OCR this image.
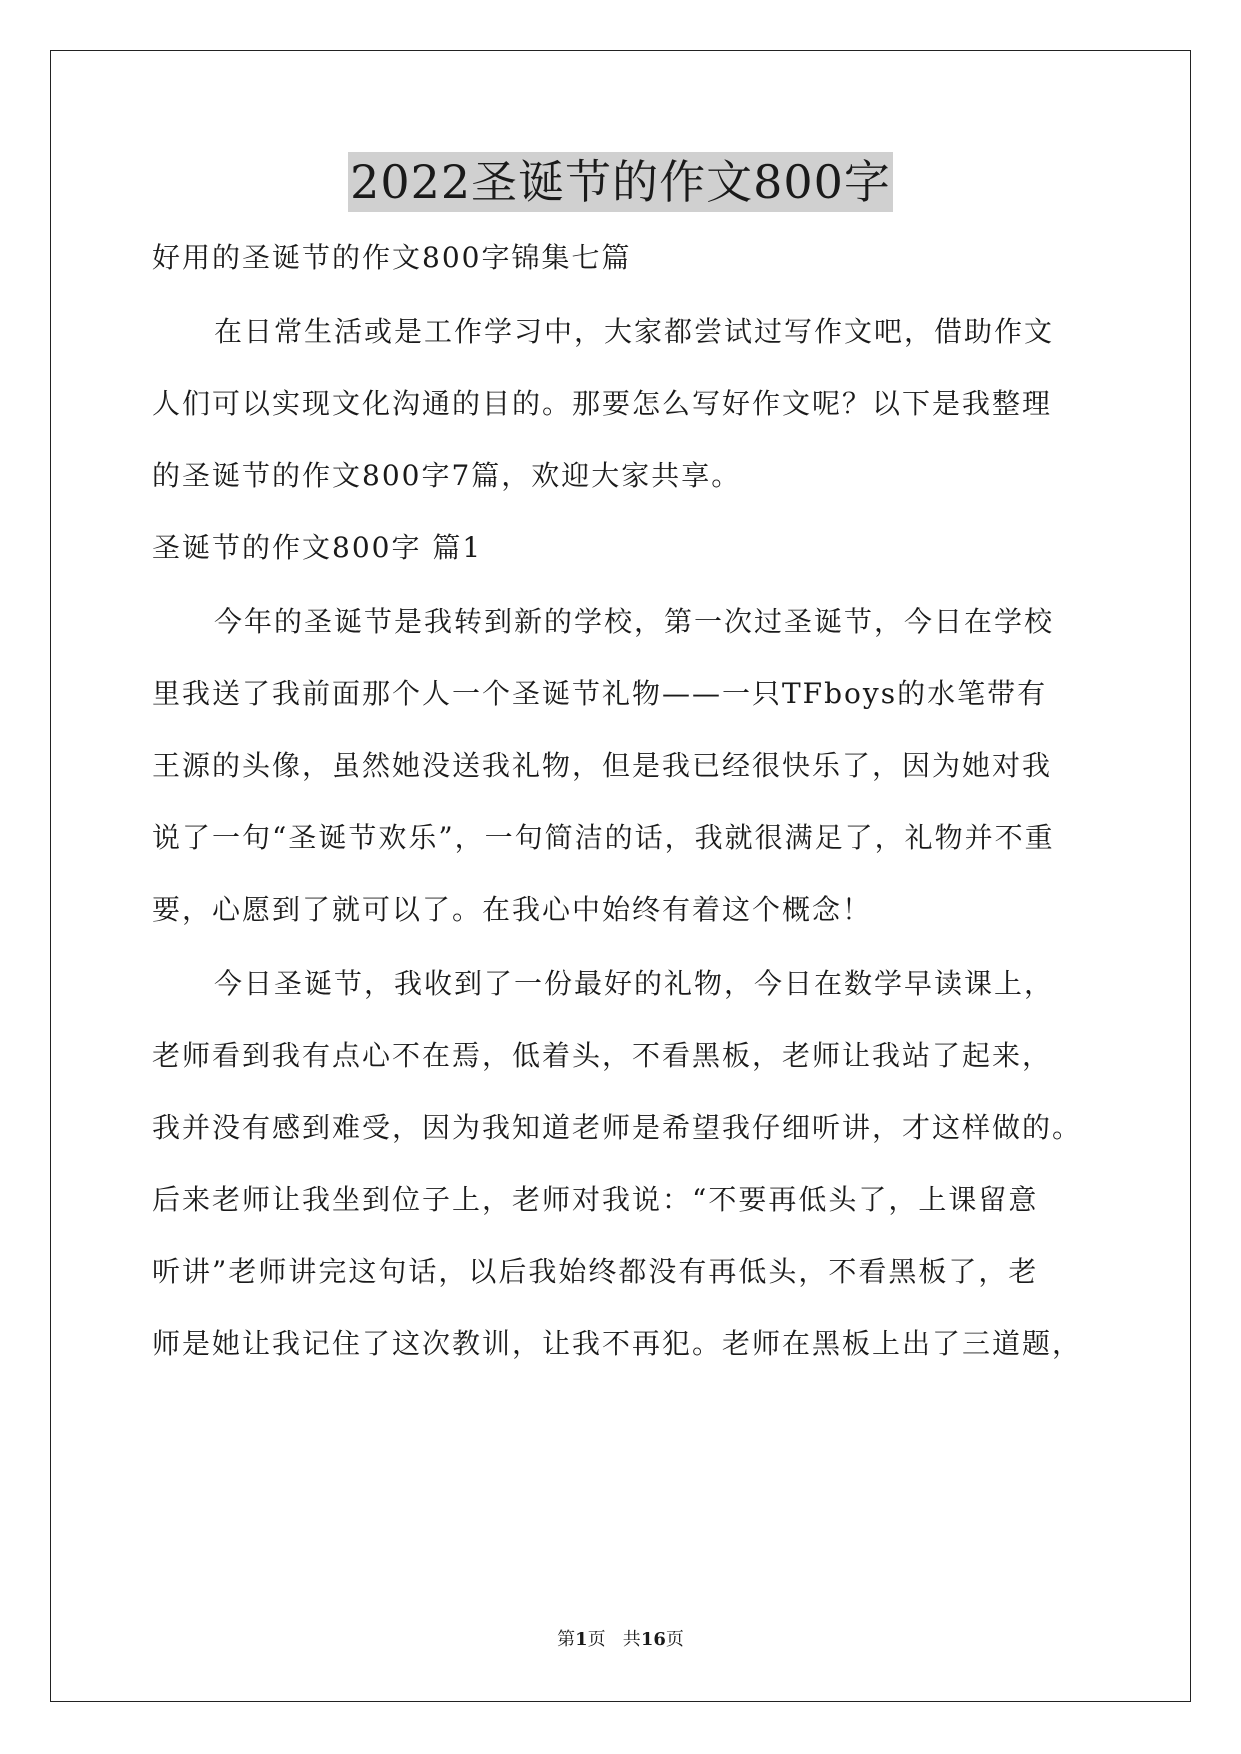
2022圣诞节的作文800字
好用的圣诞节的作文800字锦集七篇
在日常生活或是工作学习中，大家都尝试过写作文吧，借助作文
人们可以实现文化沟通的目的。那要怎么写好作文呢？以下是我整理
的圣诞节的作文800字7篇，欢迎大家共享。
圣诞节的作文800字 篇1
今年的圣诞节是我转到新的学校，第一次过圣诞节，今日在学校
里我送了我前面那个人一个圣诞节礼物——一只TFboys的水笔带有
王源的头像，虽然她没送我礼物，但是我已经很快乐了，因为她对我
说了一句“圣诞节欢乐”，一句简洁的话，我就很满足了，礼物并不重
要，心愿到了就可以了。在我心中始终有着这个概念！
今日圣诞节，我收到了一份最好的礼物，今日在数学早读课上，
老师看到我有点心不在焉，低着头，不看黑板，老师让我站了起来，
我并没有感到难受，因为我知道老师是希望我仔细听讲，才这样做的。
后来老师让我坐到位子上，老师对我说：“不要再低头了，上课留意
听讲”老师讲完这句话，以后我始终都没有再低头，不看黑板了，老
师是她让我记住了这次教训，让我不再犯。老师在黑板上出了三道题，
第1页   共16页
